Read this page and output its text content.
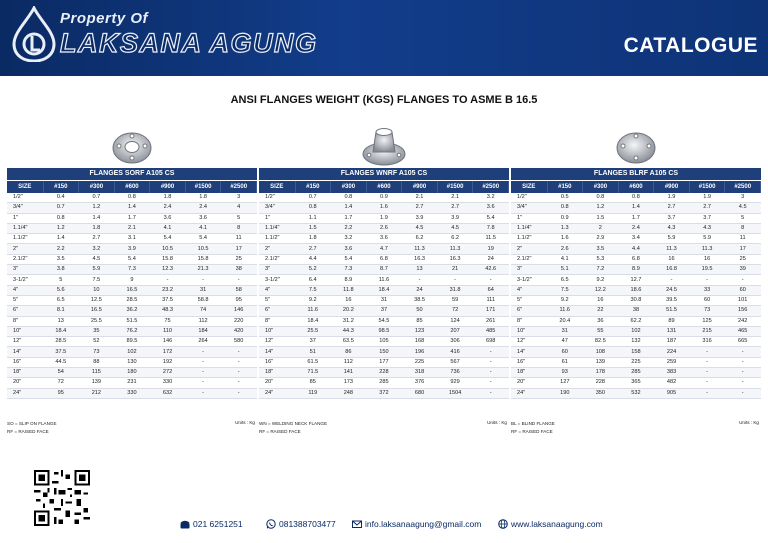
Property Of
LAKSANA AGUNG	CATALOGUE
ANSI FLANGES WEIGHT (KGS) FLANGES TO ASME B 16.5
FLANGES SORF A105 CS
SIZE	#150	#300	#600	#900	#1500	#2500
1/2"	0.4	0.7	0.8	1.8	1.8	3
3/4"	0.7	1.2	1.4	2.4	2.4	4
1"	0.8	1.4	1.7	3.6	3.6	5
1.1/4"	1.2	1.8	2.1	4.1	4.1	8
1.1/2"	1.4	2.7	3.1	5.4	5.4	11
2"	2.2	3.2	3.9	10.5	10.5	17
2.1/2"	3.5	4.5	5.4	15.8	15.8	25
3"	3.8	5.9	7.3	12.3	21.3	38
3-1/2"	5	7.5	9	-	-	-
4"	5.6	10	16.5	23.2	31	58
5"	6.5	12.5	28.5	37.5	58.8	95
6"	8.1	16.5	36.2	48.3	74	146
8"	13	25.5	51.5	75	112	220
10"	18.4	35	76.2	110	184	420
12"	28.5	52	89.5	146	264	580
14"	37.5	73	102	172	-	-
16"	44.5	88	130	192	-	-
18"	54	115	180	272	-	-
20"	72	139	231	330	-	-
24"	95	212	330	632	-	-
SO = SLIP ON FLANGE
RF = RAISED FACE
Units : Kg
FLANGES WNRF A105 CS
SIZE	#150	#300	#600	#900	#1500	#2500
1/2"	0.7	0.8	0.9	2.1	2.1	3.2
3/4"	0.8	1.4	1.6	2.7	2.7	3.6
1"	1.1	1.7	1.9	3.9	3.9	5.4
1.1/4"	1.5	2.2	2.6	4.5	4.5	7.8
1.1/2"	1.8	3.2	3.6	6.2	6.2	11.5
2"	2.7	3.6	4.7	11.3	11.3	19
2.1/2"	4.4	5.4	6.8	16.3	16.3	24
3"	5.2	7.3	8.7	13	21	42.6
3-1/2"	6.4	8.9	11.6	-	-	-
4"	7.5	11.8	18.4	24	31.8	64
5"	9.2	16	31	38.5	59	111
6"	11.6	20.2	37	50	72	171
8"	18.4	31.2	54.5	85	124	261
10"	25.5	44.3	98.5	123	207	485
12"	37	63.5	105	168	306	698
14"	51	86	150	196	416	-
16"	61.5	112	177	225	567	-
18"	71.5	141	228	318	736	-
20"	85	173	285	376	929	-
24"	119	248	372	680	1504	-
WN = WELDING NECK FLANGE
RF = RAISED FACE
Units : Kg
FLANGES BLRF A105 CS
SIZE	#150	#300	#600	#900	#1500	#2500
1/2"	0.5	0.8	0.8	1.9	1.9	3
3/4"	0.8	1.2	1.4	2.7	2.7	4.5
1"	0.9	1.5	1.7	3.7	3.7	5
1.1/4"	1.3	2	2.4	4.3	4.3	8
1.1/2"	1.6	2.9	3.4	5.9	5.9	11
2"	2.6	3.5	4.4	11.3	11.3	17
2.1/2"	4.1	5.3	6.8	16	16	25
3"	5.1	7.2	8.9	16.8	19.5	39
3-1/2"	6.5	9.2	12.7	-	-	-
4"	7.5	12.2	18.6	24.5	33	60
5"	9.2	16	30.8	39.5	60	101
6"	11.6	22	38	51.5	73	156
8"	20.4	36	62.2	89	125	242
10"	31	55	102	131	215	465
12"	47	82.5	132	187	316	665
14"	60	108	158	224	-	-
16"	61	139	225	259	-	-
18"	93	178	285	383	-	-
20"	127	228	365	482	-	-
24"	190	350	532	905	-	-
BL = BLIND FLANGE
RF = RAISED FACE
Units : Kg
021 6251251	081388703477	info.laksanaagung@gmail.com	www.laksanaagung.com
